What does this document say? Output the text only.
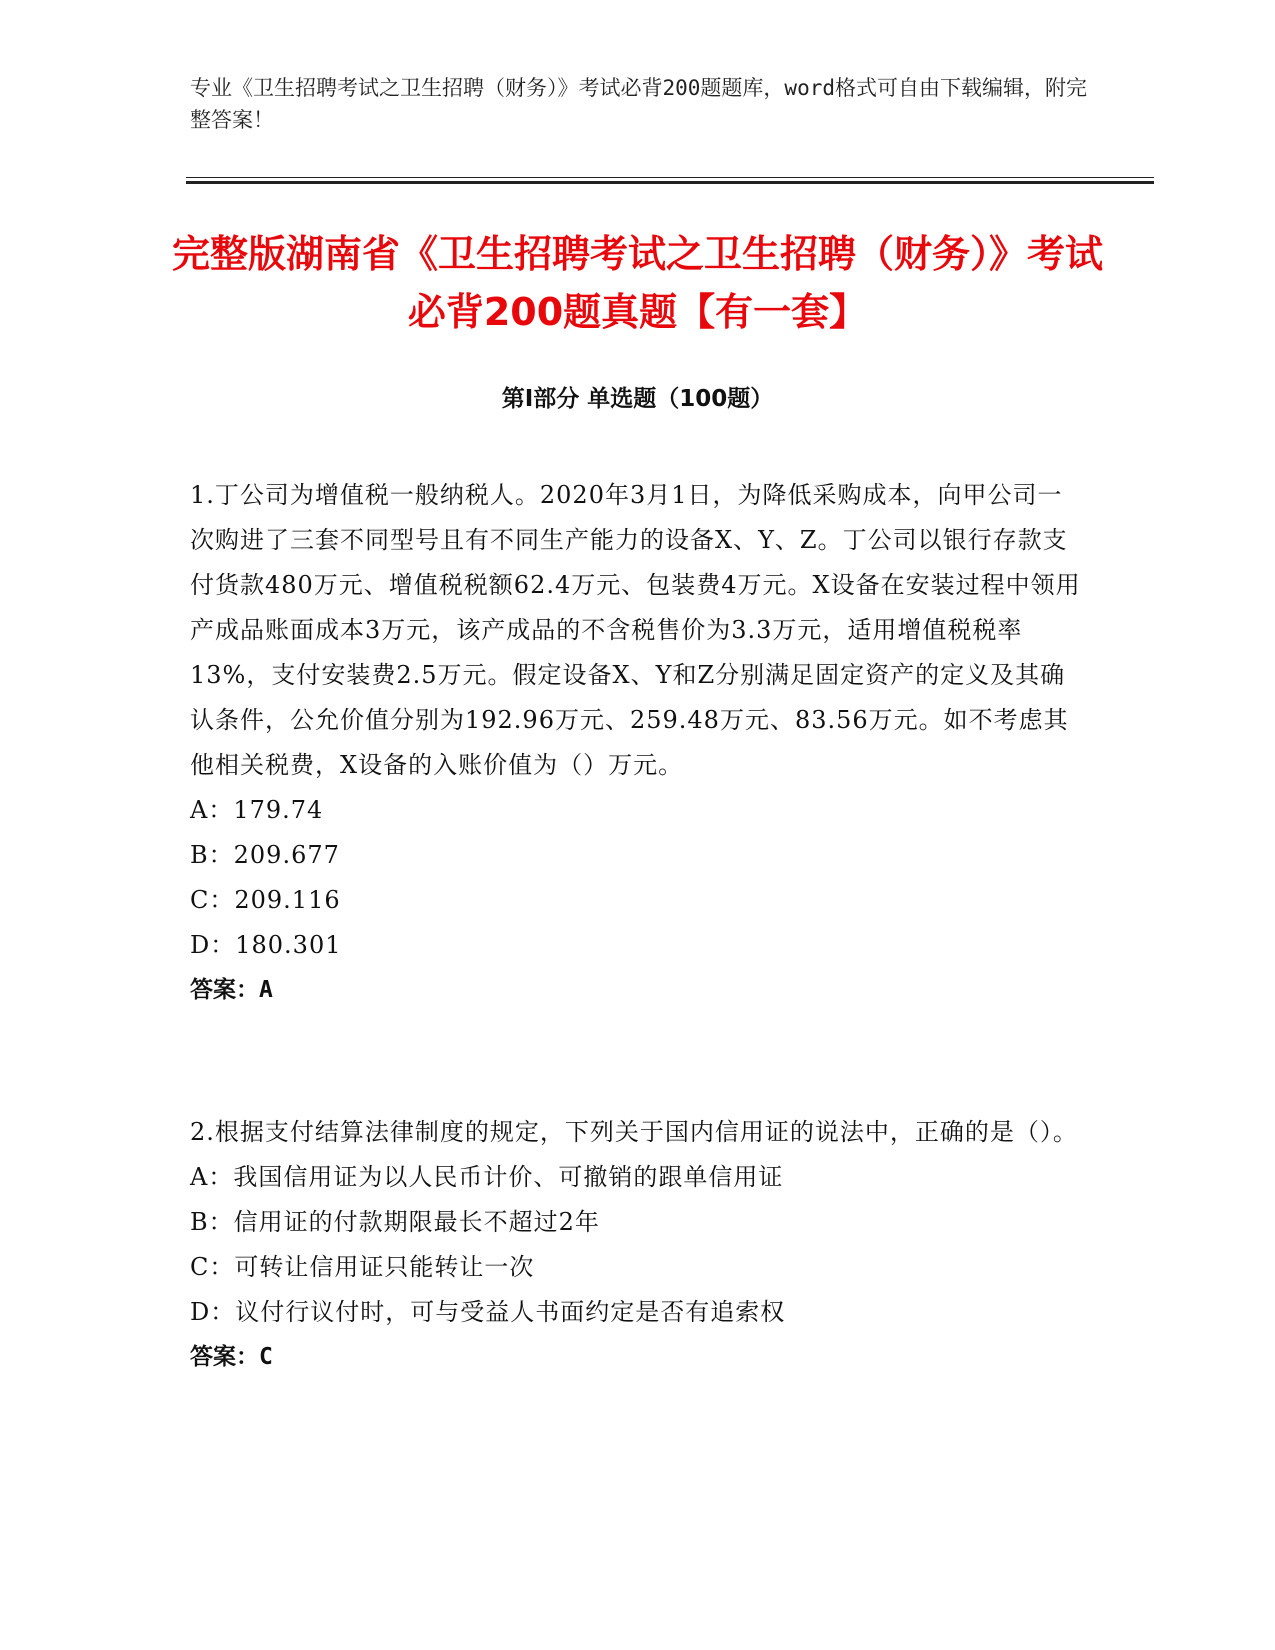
专业《卫生招聘考试之卫生招聘（财务）》考试必背200题题库，word格式可自由下载编辑，附完整答案！
完整版湖南省《卫生招聘考试之卫生招聘（财务）》考试必背200题真题【有一套】
第Ⅰ部分 单选题（100题）
1.丁公司为增值税一般纳税人。2020年3月1日，为降低采购成本，向甲公司一次购进了三套不同型号且有不同生产能力的设备X、Y、Z。丁公司以银行存款支付货款480万元、增值税税额62.4万元、包装费4万元。X设备在安装过程中领用产成品账面成本3万元，该产成品的不含税售价为3.3万元，适用增值税税率13%，支付安装费2.5万元。假定设备X、Y和Z分别满足固定资产的定义及其确认条件，公允价值分别为192.96万元、259.48万元、83.56万元。如不考虑其他相关税费，X设备的入账价值为（）万元。
A：179.74
B：209.677
C：209.116
D：180.301
答案：A
2.根据支付结算法律制度的规定，下列关于国内信用证的说法中，正确的是（）。
A：我国信用证为以人民币计价、可撤销的跟单信用证
B：信用证的付款期限最长不超过2年
C：可转让信用证只能转让一次
D：议付行议付时，可与受益人书面约定是否有追索权
答案：C
